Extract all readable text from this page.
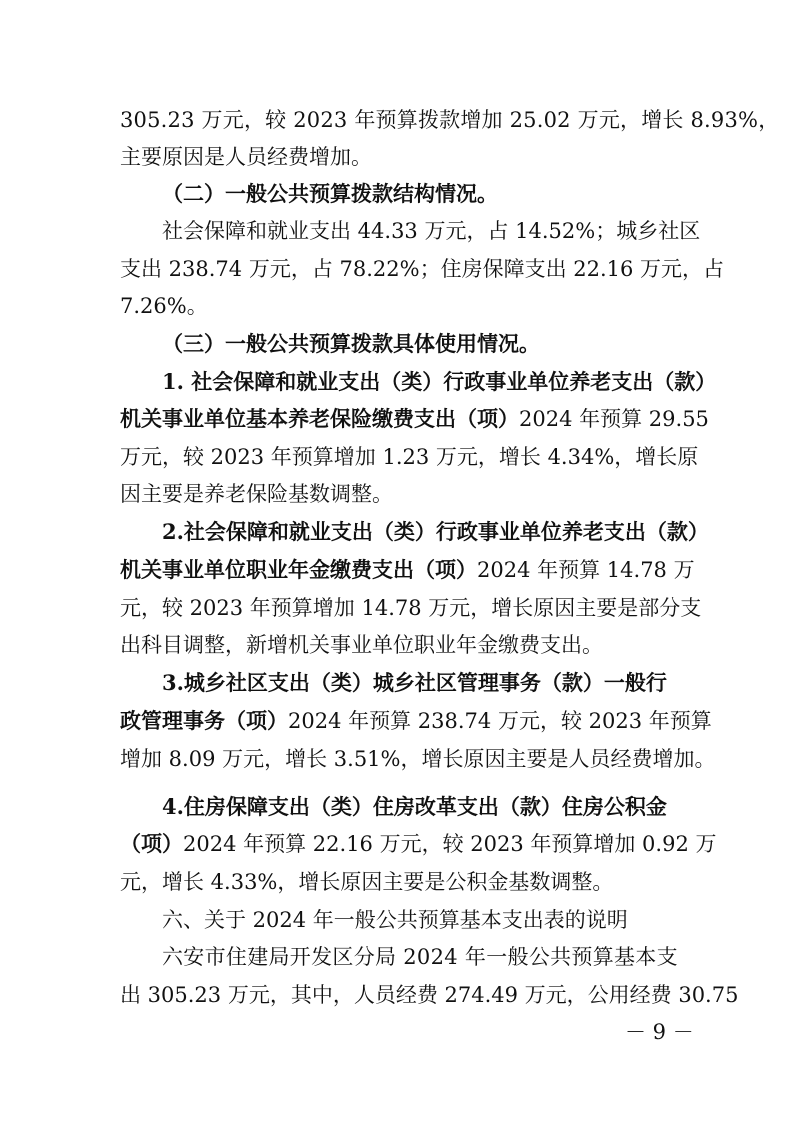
305.23 万元，较 2023 年预算拨款增加 25.02 万元，增长 8.93%，
主要原因是人员经费增加。
（二）一般公共预算拨款结构情况。
社会保障和就业支出 44.33 万元，占 14.52%；城乡社区
支出 238.74 万元，占 78.22%；住房保障支出 22.16 万元，占
7.26%。
（三）一般公共预算拨款具体使用情况。
1. 社会保障和就业支出（类）行政事业单位养老支出（款）
机关事业单位基本养老保险缴费支出（项）2024 年预算 29.55
万元，较 2023 年预算增加 1.23 万元，增长 4.34%，增长原
因主要是养老保险基数调整。
2.社会保障和就业支出（类）行政事业单位养老支出（款）
机关事业单位职业年金缴费支出（项）2024 年预算 14.78 万
元，较 2023 年预算增加 14.78 万元，增长原因主要是部分支
出科目调整，新增机关事业单位职业年金缴费支出。
3.城乡社区支出（类）城乡社区管理事务（款）一般行
政管理事务（项）2024 年预算 238.74 万元，较 2023 年预算
增加 8.09 万元，增长 3.51%，增长原因主要是人员经费增加。
4.住房保障支出（类）住房改革支出（款）住房公积金
（项）2024 年预算 22.16 万元，较 2023 年预算增加 0.92 万
元，增长 4.33%，增长原因主要是公积金基数调整。
六、关于 2024 年一般公共预算基本支出表的说明
六安市住建局开发区分局 2024 年一般公共预算基本支
出 305.23 万元，其中，人员经费 274.49 万元，公用经费 30.75
－ 9 －
